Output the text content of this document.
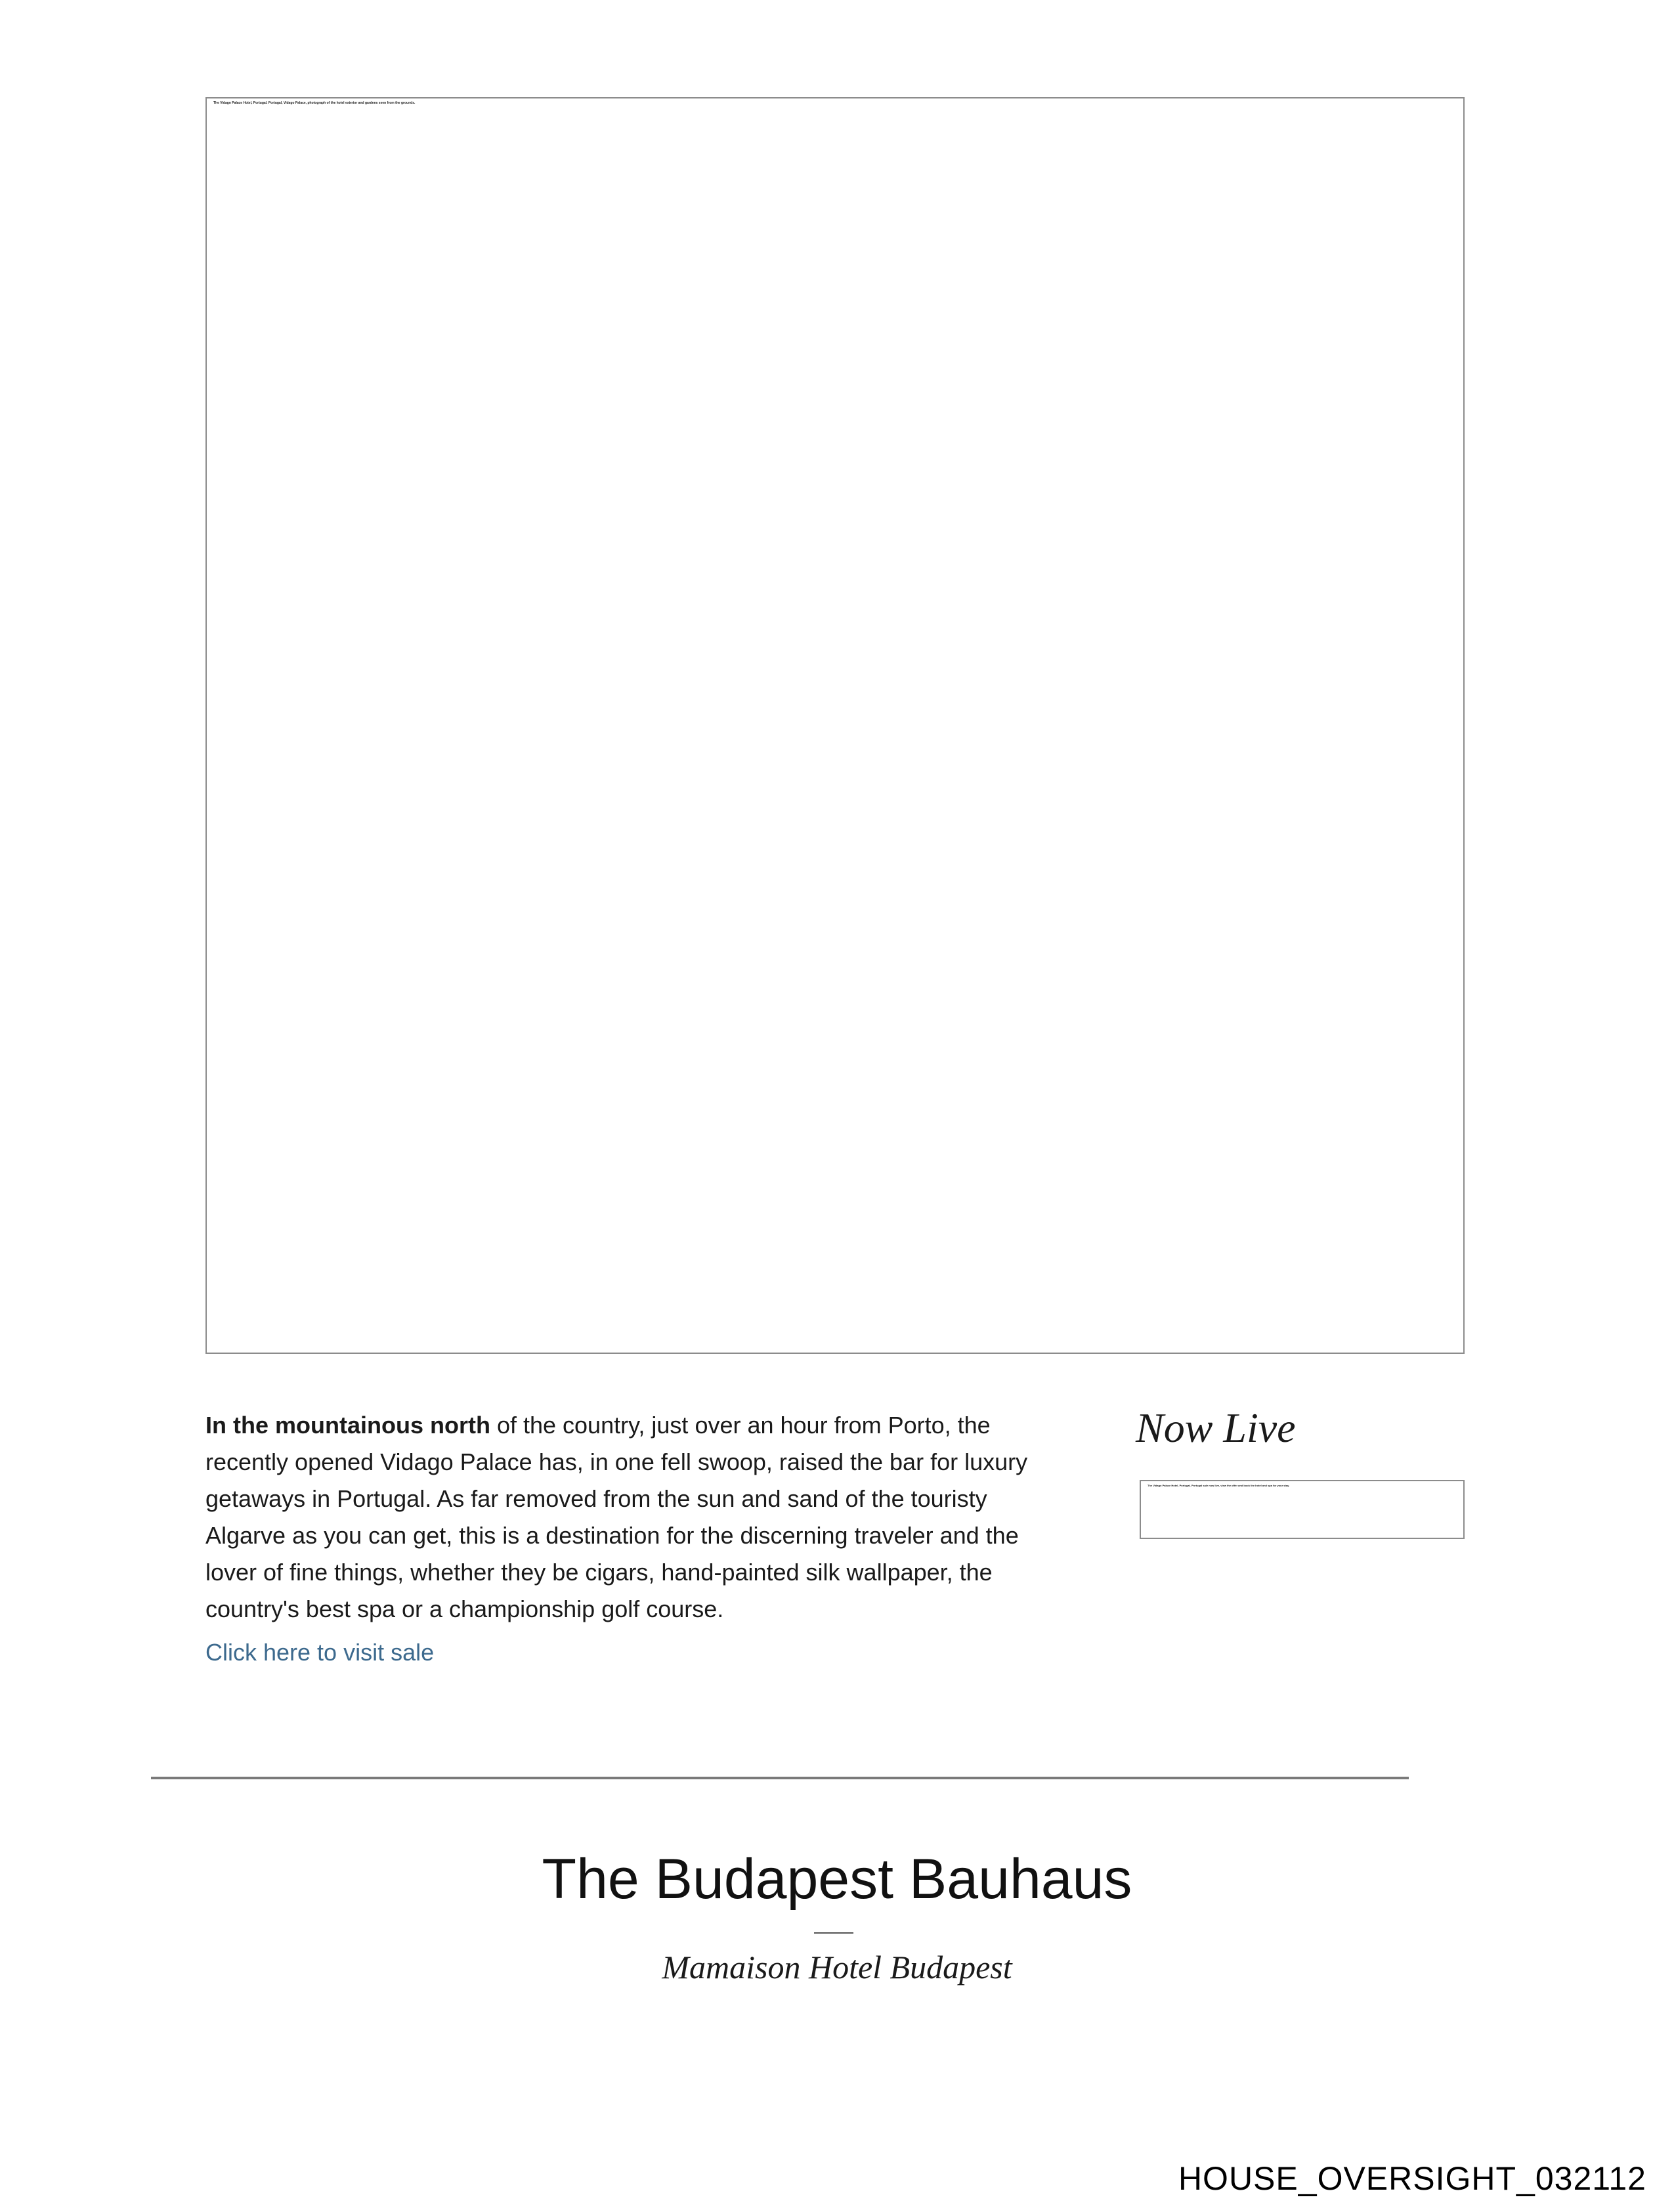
The Vidago Palace Hotel, Portugal. Portugal, Vidago Palace, photograph of the hotel exterior and gardens seen from the grounds.

In the mountainous north of the country, just over an hour from Porto, the recently opened Vidago Palace has, in one fell swoop, raised the bar for luxury getaways in Portugal. As far removed from the sun and sand of the touristy Algarve as you can get, this is a destination for the discerning traveler and the lover of fine things, whether they be cigars, hand-painted silk wallpaper, the country's best spa or a championship golf course.

Click here to visit sale
Now Live
The Vidago Palace Hotel, Portugal. Portugal sale now live, view the offer and book the hotel and spa for your stay.
The Budapest Bauhaus

Mamaison Hotel Budapest

HOUSE_OVERSIGHT_032112
